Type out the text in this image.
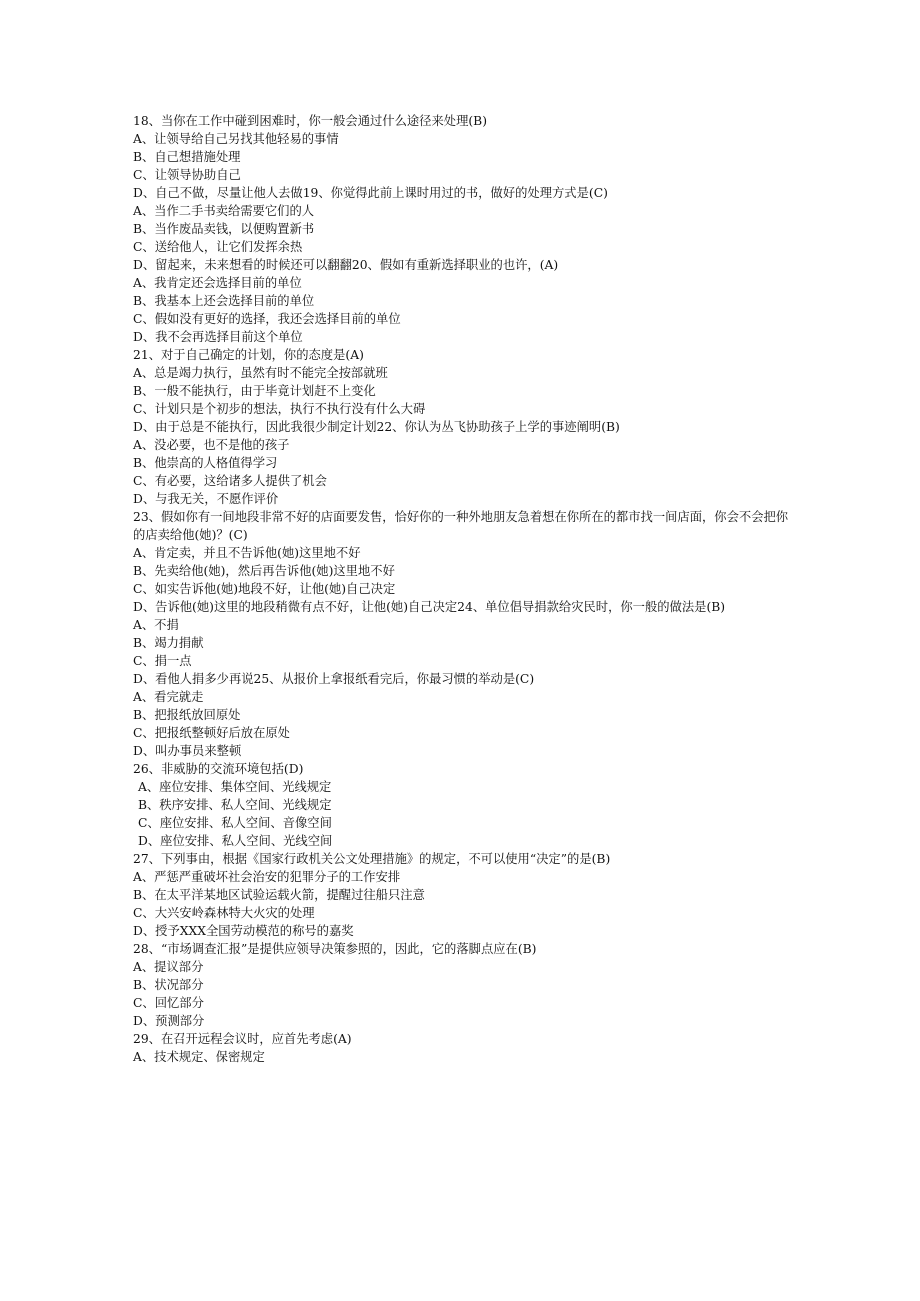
18、当你在工作中碰到困难时，你一般会通过什么途径来处理(B)

A、让领导给自己另找其他轻易的事情

B、自己想措施处理

C、让领导协助自己

D、自己不做，尽量让他人去做19、你觉得此前上课时用过的书，做好的处理方式是(C)

A、当作二手书卖给需要它们的人

B、当作废品卖钱，以便购置新书

C、送给他人，让它们发挥余热

D、留起来，未来想看的时候还可以翻翻20、假如有重新选择职业的也许，(A)

A、我肯定还会选择目前的单位

B、我基本上还会选择目前的单位

C、假如没有更好的选择，我还会选择目前的单位

D、我不会再选择目前这个单位

21、对于自己确定的计划，你的态度是(A)

A、总是竭力执行，虽然有时不能完全按部就班

B、一般不能执行，由于毕竟计划赶不上变化

C、计划只是个初步的想法，执行不执行没有什么大碍

D、由于总是不能执行，因此我很少制定计划22、你认为丛飞协助孩子上学的事迹阐明(B)

A、没必要，也不是他的孩子

B、他崇高的人格值得学习

C、有必要，这给诸多人提供了机会

D、与我无关，不愿作评价

23、假如你有一间地段非常不好的店面要发售，恰好你的一种外地朋友急着想在你所在的都市找一间店面，你会不会把你的店卖给他(她)？(C)

A、肯定卖，并且不告诉他(她)这里地不好

B、先卖给他(她)，然后再告诉他(她)这里地不好

C、如实告诉他(她)地段不好，让他(她)自己决定

D、告诉他(她)这里的地段稍微有点不好，让他(她)自己决定24、单位倡导捐款给灾民时，你一般的做法是(B)

A、不捐

B、竭力捐献

C、捐一点

D、看他人捐多少再说25、从报价上拿报纸看完后，你最习惯的举动是(C)

A、看完就走

B、把报纸放回原处

C、把报纸整顿好后放在原处

D、叫办事员来整顿

26、非威胁的交流环境包括(D)

A、座位安排、集体空间、光线规定

B、秩序安排、私人空间、光线规定

C、座位安排、私人空间、音像空间

D、座位安排、私人空间、光线空间

27、下列事由，根据《国家行政机关公文处理措施》的规定，不可以使用“决定”的是(B)

A、严惩严重破坏社会治安的犯罪分子的工作安排

B、在太平洋某地区试验运载火箭，提醒过往船只注意

C、大兴安岭森林特大火灾的处理

D、授予XXX全国劳动模范的称号的嘉奖

28、“市场调查汇报”是提供应领导决策参照的，因此，它的落脚点应在(B)

A、提议部分

B、状况部分

C、回忆部分

D、预测部分

29、在召开远程会议时，应首先考虑(A)

A、技术规定、保密规定
